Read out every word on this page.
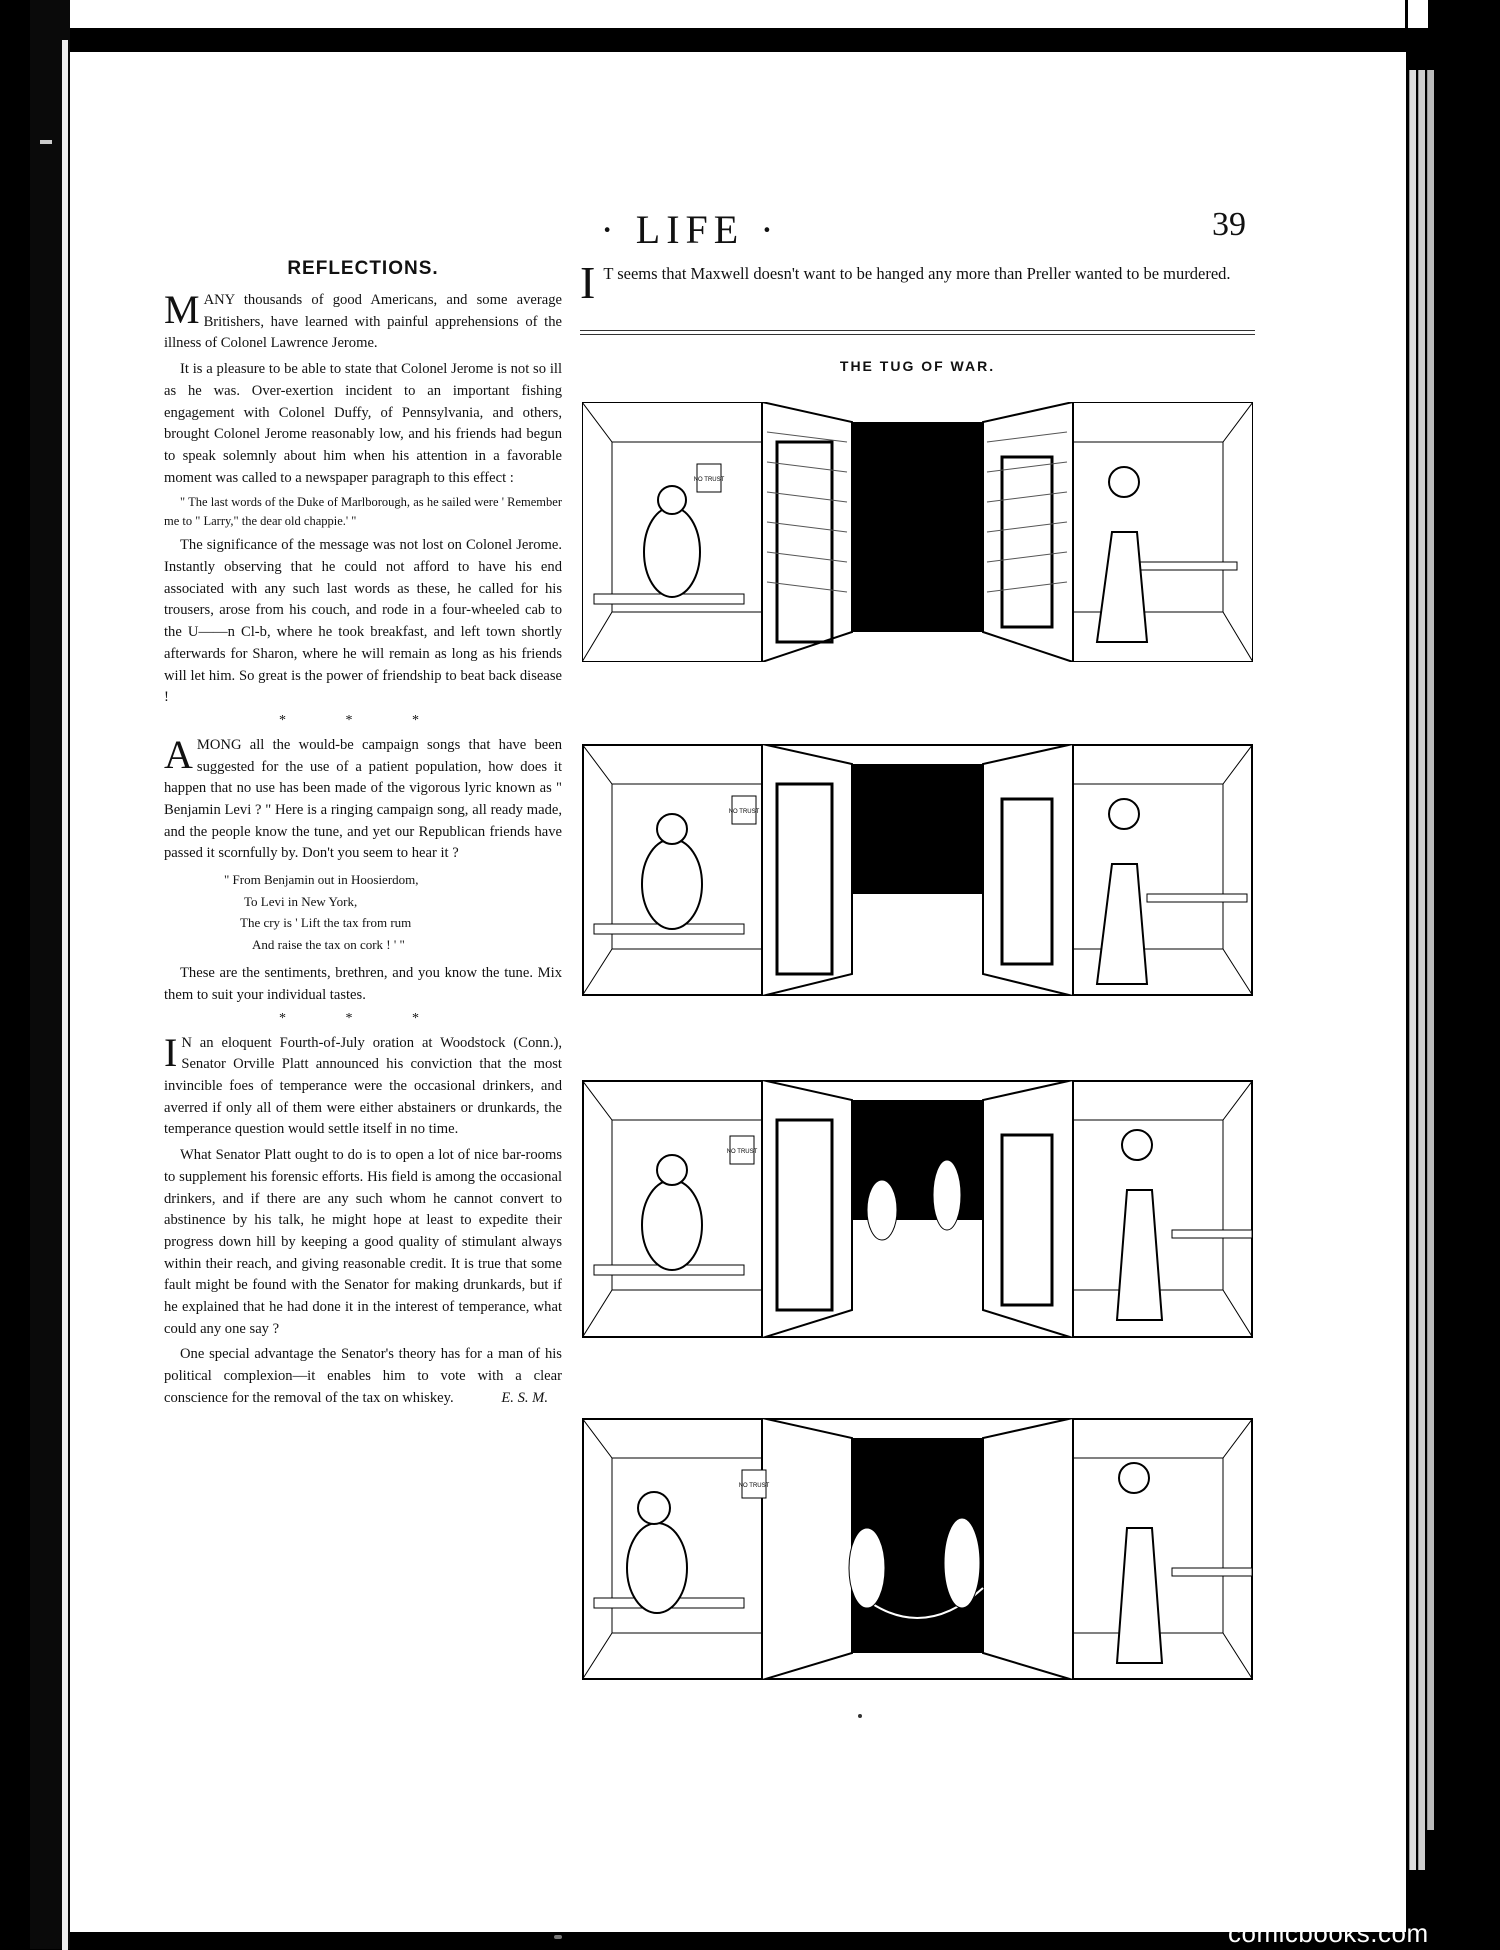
· LIFE ·	39
REFLECTIONS.

MANY thousands of good Americans, and some average Britishers, have learned with painful apprehensions of the illness of Colonel Lawrence Jerome.

It is a pleasure to be able to state that Colonel Jerome is not so ill as he was. Over-exertion incident to an important fishing engagement with Colonel Duffy, of Pennsylvania, and others, brought Colonel Jerome reasonably low, and his friends had begun to speak solemnly about him when his attention in a favorable moment was called to a newspaper paragraph to this effect :

" The last words of the Duke of Marlborough, as he sailed were ' Remember me to " Larry," the dear old chappie.' "

The significance of the message was not lost on Colonel Jerome. Instantly observing that he could not afford to have his end associated with any such last words as these, he called for his trousers, arose from his couch, and rode in a four-wheeled cab to the U——n Cl-b, where he took breakfast, and left town shortly afterwards for Sharon, where he will remain as long as his friends will let him. So great is the power of friendship to beat back disease !

* * *

AMONG all the would-be campaign songs that have been suggested for the use of a patient population, how does it happen that no use has been made of the vigorous lyric known as " Benjamin Levi ? " Here is a ringing campaign song, all ready made, and the people know the tune, and yet our Republican friends have passed it scornfully by. Don't you seem to hear it ?

" From Benjamin out in Hoosierdom,
To Levi in New York,
The cry is ' Lift the tax from rum
And raise the tax on cork ! ' "

These are the sentiments, brethren, and you know the tune. Mix them to suit your individual tastes.

* * *

I N an eloquent Fourth-of-July oration at Woodstock (Conn.), Senator Orville Platt announced his conviction that the most invincible foes of temperance were the occasional drinkers, and averred if only all of them were either abstainers or drunkards, the temperance question would settle itself in no time.

What Senator Platt ought to do is to open a lot of nice bar-rooms to supplement his forensic efforts. His field is among the occasional drinkers, and if there are any such whom he cannot convert to abstinence by his talk, he might hope at least to expedite their progress down hill by keeping a good quality of stimulant always within their reach, and giving reasonable credit. It is true that some fault might be found with the Senator for making drunkards, but if he explained that he had done it in the interest of temperance, what could any one say ?

One special advantage the Senator's theory has for a man of his political complexion—it enables him to vote with a clear conscience for the removal of the tax on whiskey.	E. S. M.

I T seems that Maxwell doesn't want to be hanged any more than Preller wanted to be murdered.

THE TUG OF WAR.
NO TRUST
NO TRUST
NO TRUST
NO TRUST
comicbooks.com
